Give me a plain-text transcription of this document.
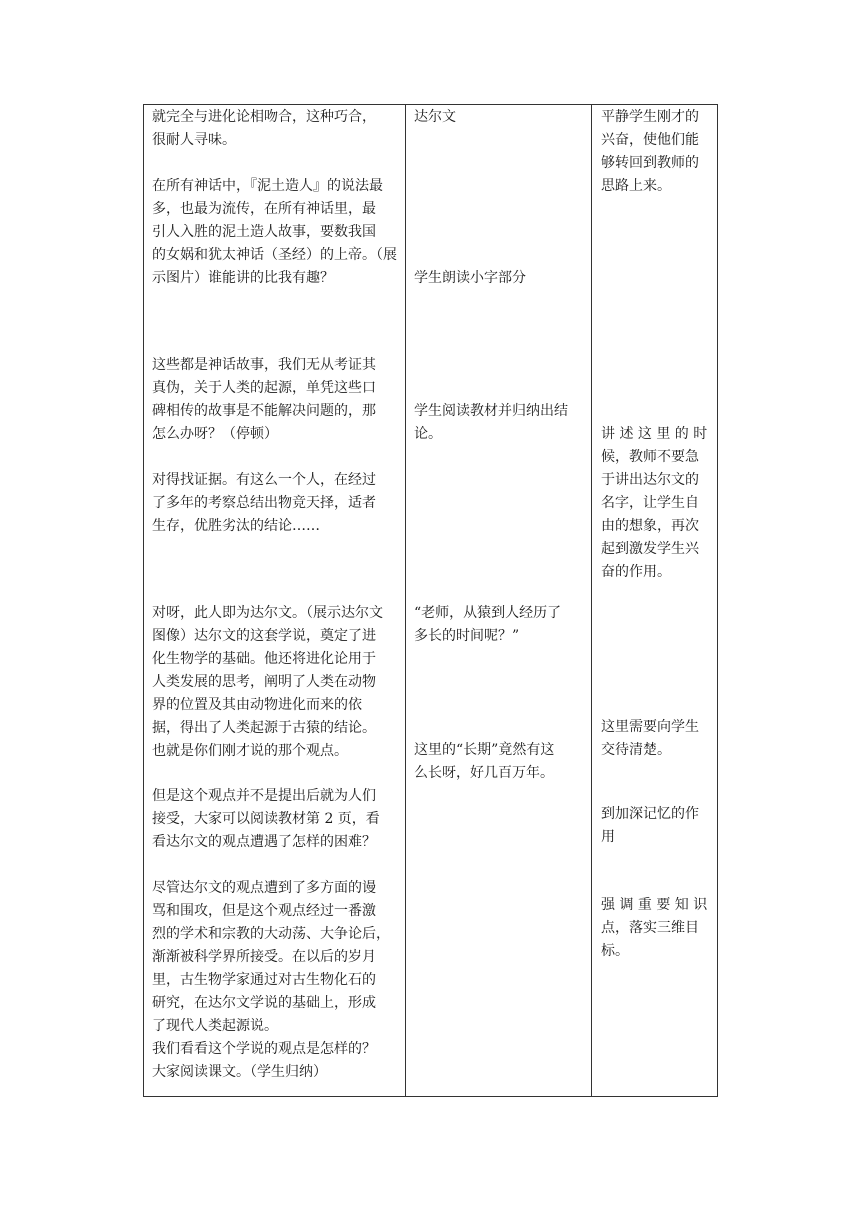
就完全与进化论相吻合，这种巧合，
很耐人寻味。
在所有神话中，『泥土造人』的说法最
多，也最为流传，在所有神话里，最
引人入胜的泥土造人故事，要数我国
的女娲和犹太神话（圣经）的上帝。（展
示图片）谁能讲的比我有趣？
这些都是神话故事，我们无从考证其
真伪，关于人类的起源，单凭这些口
碑相传的故事是不能解决问题的，那
怎么办呀？（停顿）
对得找证据。有这么一个人，在经过
了多年的考察总结出物竞天择，适者
生存，优胜劣汰的结论……
对呀，此人即为达尔文。（展示达尔文
图像）达尔文的这套学说，奠定了进
化生物学的基础。他还将进化论用于
人类发展的思考，阐明了人类在动物
界的位置及其由动物进化而来的依
据，得出了人类起源于古猿的结论。
也就是你们刚才说的那个观点。
但是这个观点并不是提出后就为人们
接受，大家可以阅读教材第 2 页，看
看达尔文的观点遭遇了怎样的困难？
尽管达尔文的观点遭到了多方面的谩
骂和围攻，但是这个观点经过一番激
烈的学术和宗教的大动荡、大争论后，
渐渐被科学界所接受。在以后的岁月
里，古生物学家通过对古生物化石的
研究，在达尔文学说的基础上，形成
了现代人类起源说。
我们看看这个学说的观点是怎样的？
大家阅读课文。（学生归纳）
达尔文
学生朗读小字部分
学生阅读教材并归纳出结
论。
“老师，从猿到人经历了
多长的时间呢？”
这里的“长期”竟然有这
么长呀，好几百万年。
平静学生刚才的
兴奋，使他们能
够转回到教师的
思路上来。
讲 述 这 里 的 时
候，教师不要急
于讲出达尔文的
名字，让学生自
由的想象，再次
起到激发学生兴
奋的作用。
这里需要向学生
交待清楚。
到加深记忆的作
用
强 调 重 要 知 识
点，落实三维目
标。
